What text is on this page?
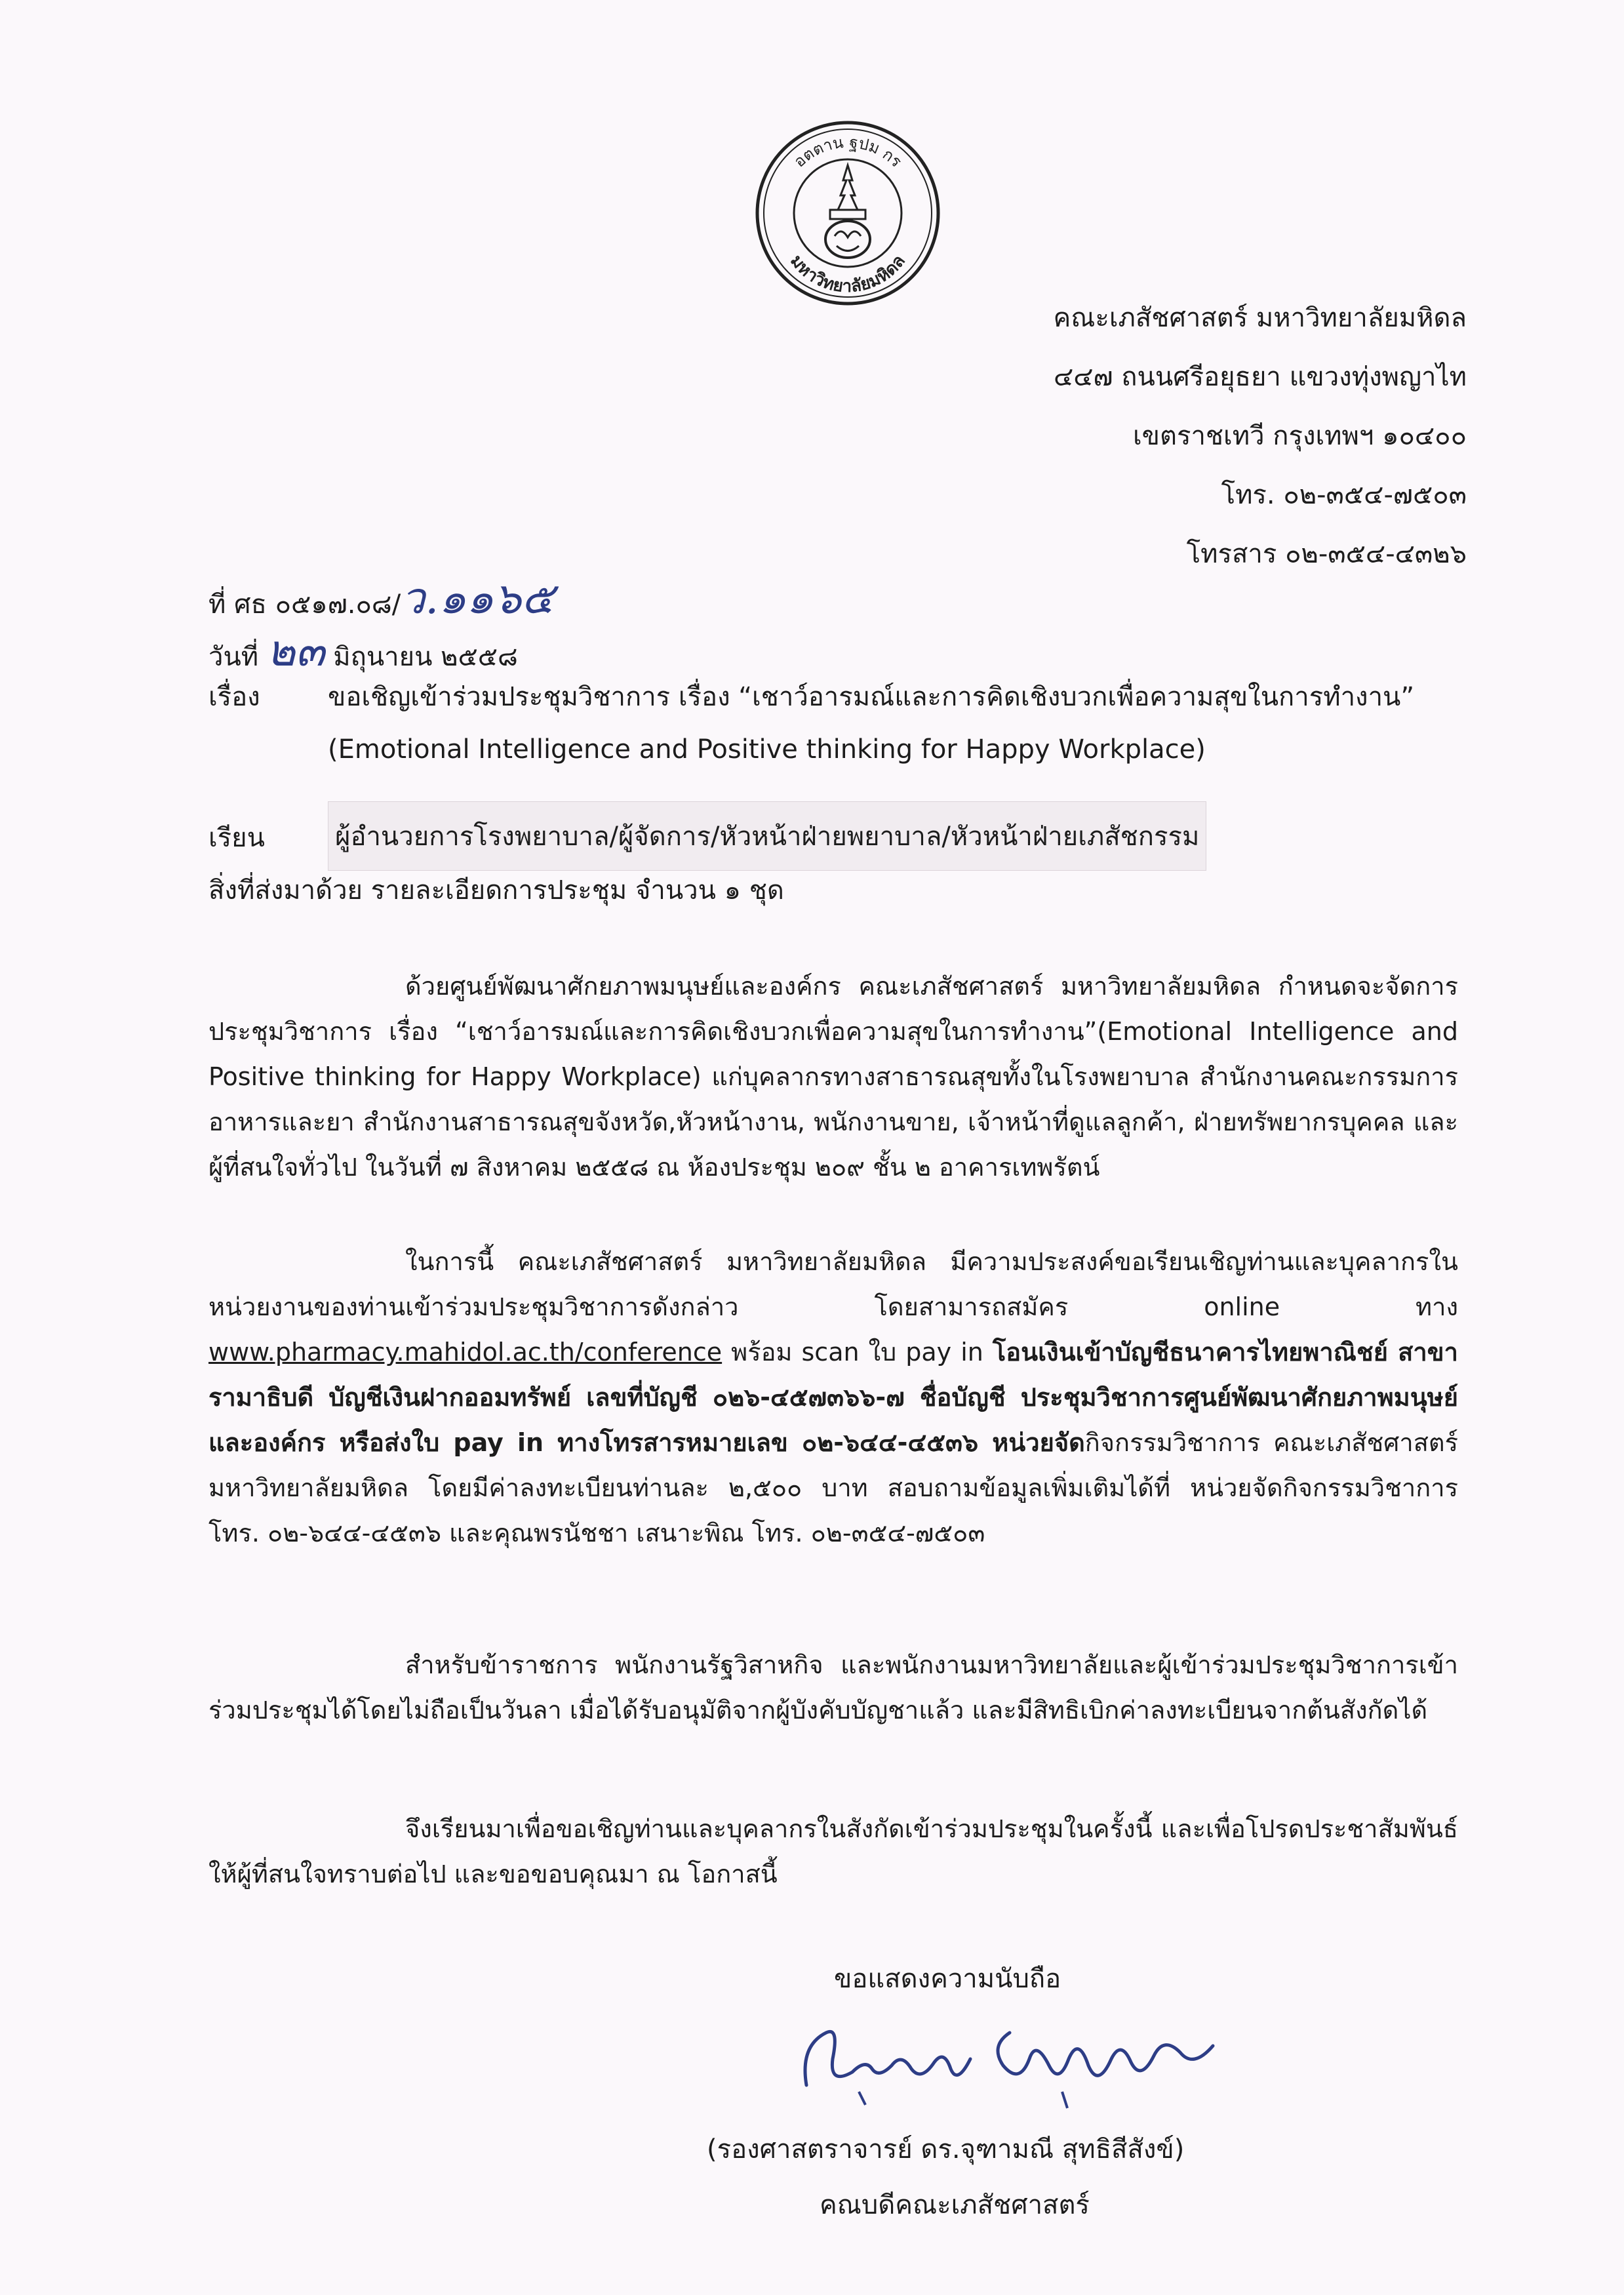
อตตาน ฐปม กร
มหาวิทยาลัยมหิดล
คณะเภสัชศาสตร์ มหาวิทยาลัยมหิดล
๔๔๗ ถนนศรีอยุธยา แขวงทุ่งพญาไท
เขตราชเทวี กรุงเทพฯ ๑๐๔๐๐
โทร. ๐๒-๓๕๔-๗๕๐๓
โทรสาร ๐๒-๓๕๔-๔๓๒๖
ที่ ศธ ๐๕๑๗.๐๘/ว.๑๑๖๕
วันที่ ๒๓ มิถุนายน ๒๕๕๘
เรื่อง	ขอเชิญเข้าร่วมประชุมวิชาการ เรื่อง “เชาว์อารมณ์และการคิดเชิงบวกเพื่อความสุขในการทำงาน”
(Emotional Intelligence and Positive thinking for Happy Workplace)
เรียน	ผู้อำนวยการโรงพยาบาล/ผู้จัดการ/หัวหน้าฝ่ายพยาบาล/หัวหน้าฝ่ายเภสัชกรรม
สิ่งที่ส่งมาด้วย รายละเอียดการประชุม จำนวน ๑ ชุด

ด้วยศูนย์พัฒนาศักยภาพมนุษย์และองค์กร คณะเภสัชศาสตร์ มหาวิทยาลัยมหิดล กำหนดจะจัดการประชุมวิชาการ เรื่อง “เชาว์อารมณ์และการคิดเชิงบวกเพื่อความสุขในการทำงาน”(Emotional Intelligence and Positive thinking for Happy Workplace) แก่บุคลากรทางสาธารณสุขทั้งในโรงพยาบาล สำนักงานคณะกรรมการอาหารและยา สำนักงานสาธารณสุขจังหวัด,หัวหน้างาน, พนักงานขาย, เจ้าหน้าที่ดูแลลูกค้า, ฝ่ายทรัพยากรบุคคล และผู้ที่สนใจทั่วไป ในวันที่ ๗ สิงหาคม ๒๕๕๘ ณ ห้องประชุม ๒๐๙ ชั้น ๒ อาคารเทพรัตน์

ในการนี้ คณะเภสัชศาสตร์ มหาวิทยาลัยมหิดล มีความประสงค์ขอเรียนเชิญท่านและบุคลากรในหน่วยงานของท่านเข้าร่วมประชุมวิชาการดังกล่าว โดยสามารถสมัคร online ทาง www.pharmacy.mahidol.ac.th/conference พร้อม scan ใบ pay in โอนเงินเข้าบัญชีธนาคารไทยพาณิชย์ สาขารามาธิบดี บัญชีเงินฝากออมทรัพย์ เลขที่บัญชี ๐๒๖-๔๕๗๓๖๖-๗ ชื่อบัญชี ประชุมวิชาการศูนย์พัฒนาศักยภาพมนุษย์และองค์กร หรือส่งใบ pay in ทางโทรสารหมายเลข ๐๒-๖๔๔-๔๕๓๖ หน่วยจัดกิจกรรมวิชาการ คณะเภสัชศาสตร์ มหาวิทยาลัยมหิดล โดยมีค่าลงทะเบียนท่านละ ๒,๕๐๐ บาท สอบถามข้อมูลเพิ่มเติมได้ที่ หน่วยจัดกิจกรรมวิชาการ โทร. ๐๒-๖๔๔-๔๕๓๖ และคุณพรนัชชา เสนาะพิณ โทร. ๐๒-๓๕๔-๗๕๐๓

สำหรับข้าราชการ พนักงานรัฐวิสาหกิจ และพนักงานมหาวิทยาลัยและผู้เข้าร่วมประชุมวิชาการเข้าร่วมประชุมได้โดยไม่ถือเป็นวันลา เมื่อได้รับอนุมัติจากผู้บังคับบัญชาแล้ว และมีสิทธิเบิกค่าลงทะเบียนจากต้นสังกัดได้

จึงเรียนมาเพื่อขอเชิญท่านและบุคลากรในสังกัดเข้าร่วมประชุมในครั้งนี้ และเพื่อโปรดประชาสัมพันธ์ให้ผู้ที่สนใจทราบต่อไป และขอขอบคุณมา ณ โอกาสนี้

ขอแสดงความนับถือ
(รองศาสตราจารย์ ดร.จุฑามณี สุทธิสีสังข์)
คณบดีคณะเภสัชศาสตร์
